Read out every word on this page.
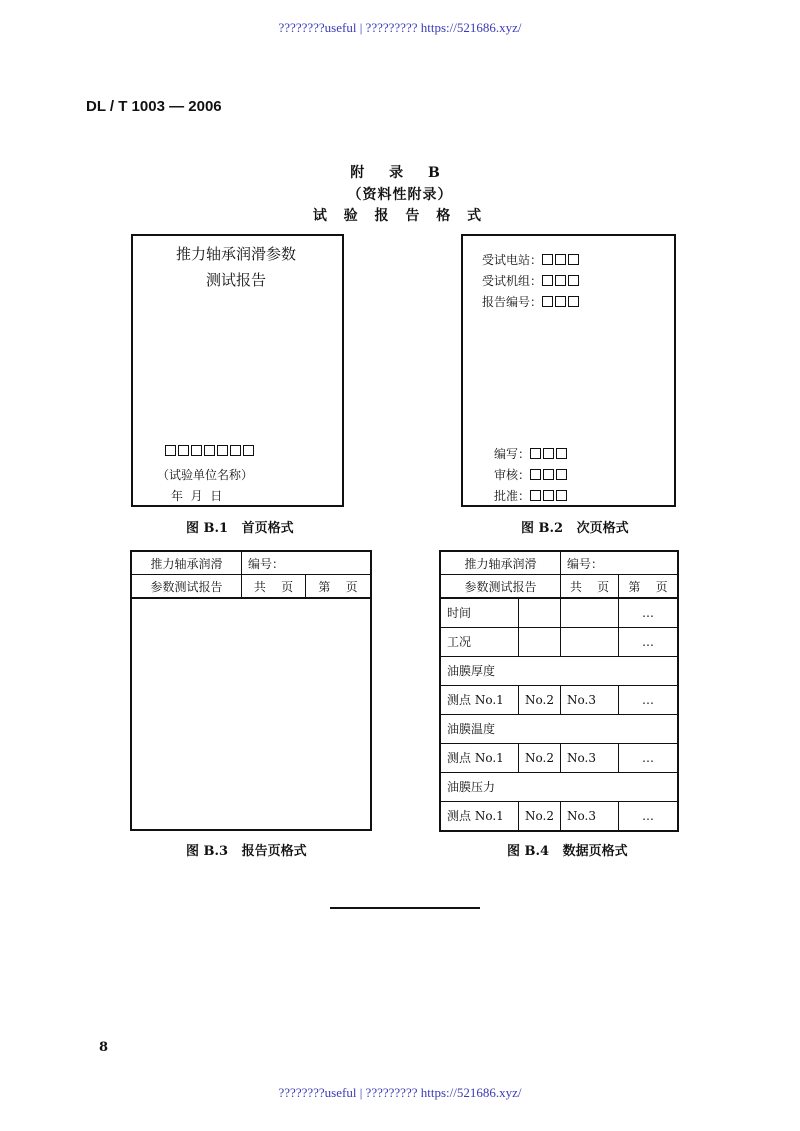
????????useful | ????????? https://521686.xyz/
DL / T 1003 — 2006
附 录 B
（资料性附录）
试 验 报 告 格 式
推力轴承润滑参数
测试报告
（试验单位名称）
年  月  日
图 B.1   首页格式
受试电站：
受试机组：
报告编号：
编写：
审核：
批准：
图 B.2   次页格式
推力轴承润滑	编号：	
参数测试报告	共    页	第    页

图 B.3   报告页格式
推力轴承润滑		编号：	
参数测试报告		共    页	第    页
时间			…
工况			…
油膜厚度			
测点 No.1	No.2	No.3	…
油膜温度			
测点 No.1	No.2	No.3	…
油膜压力			
测点 No.1	No.2	No.3	…
图 B.4   数据页格式
8
????????useful | ????????? https://521686.xyz/
